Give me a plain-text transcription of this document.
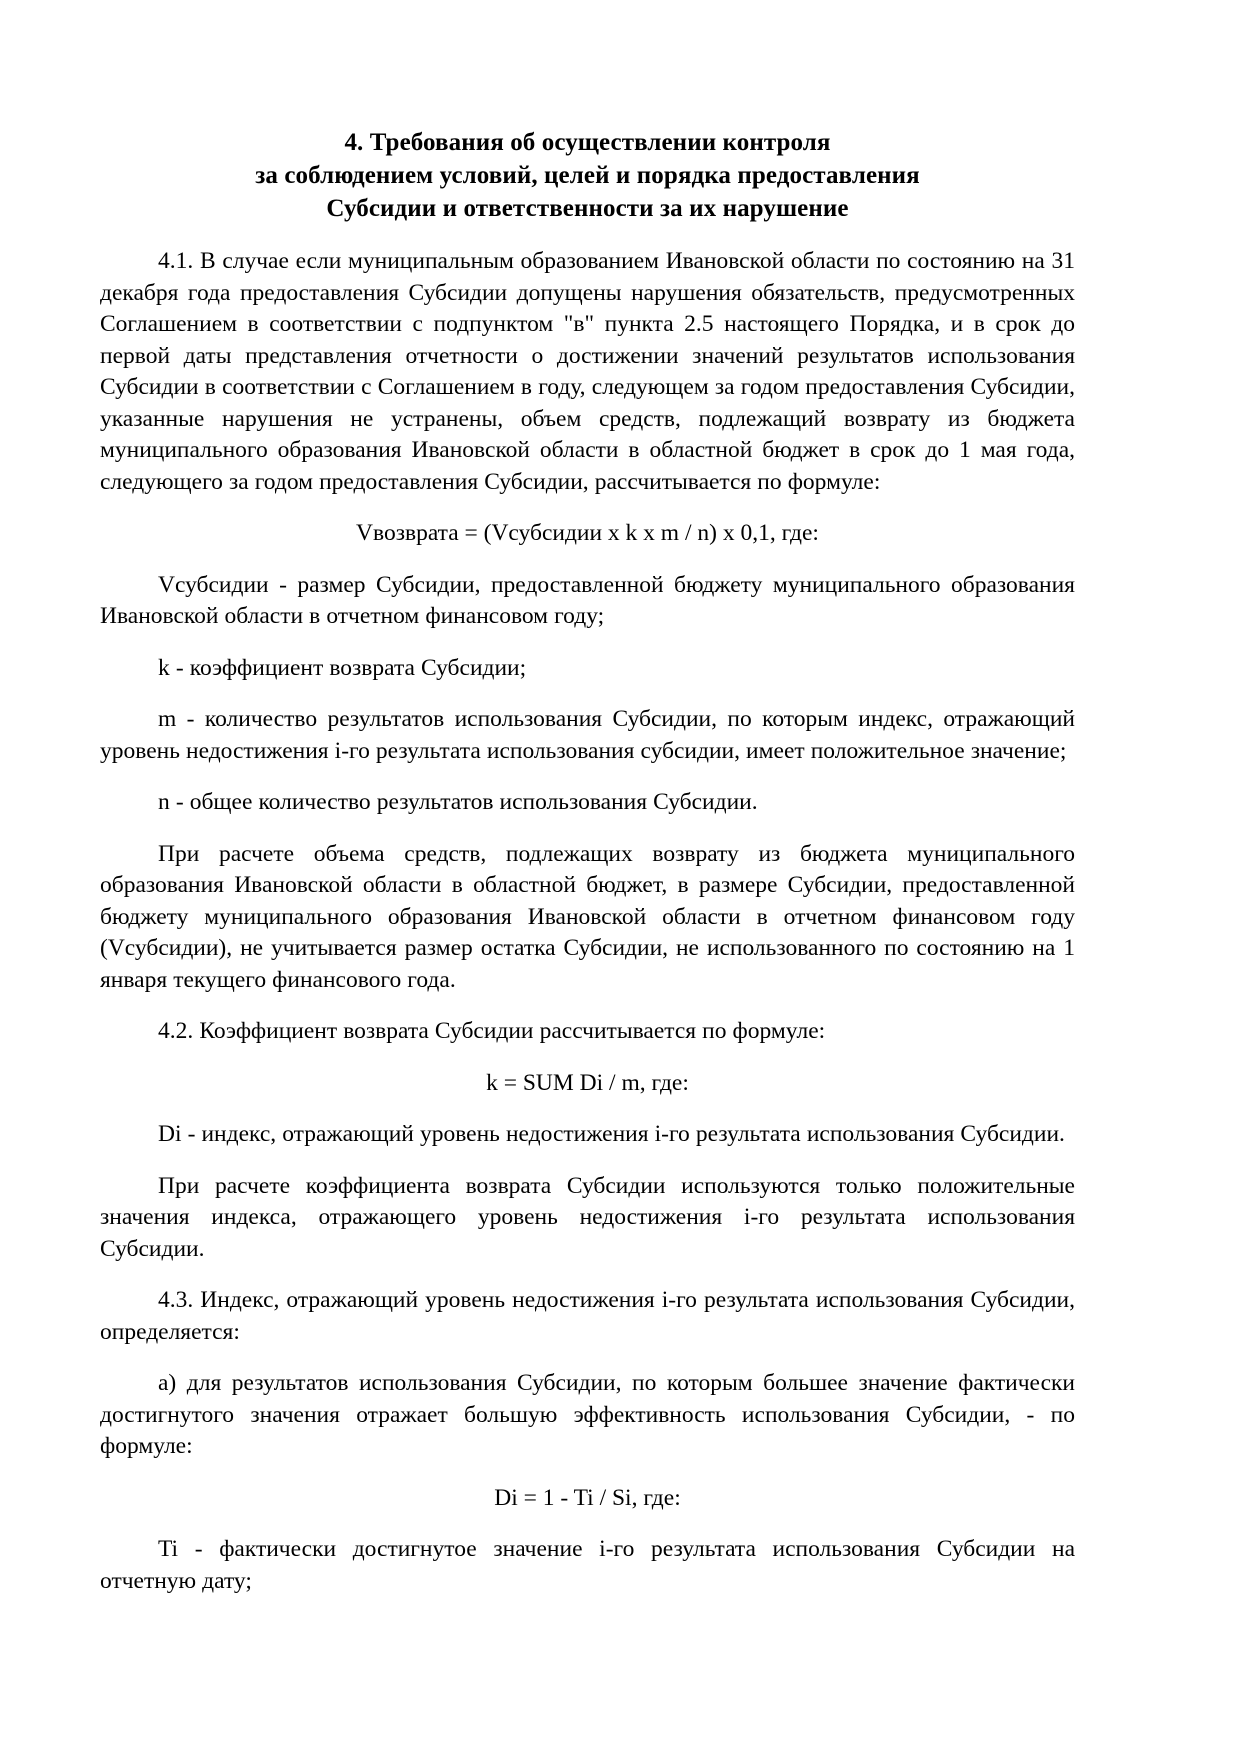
4. Требования об осуществлении контроля
за соблюдением условий, целей и порядка предоставления
Субсидии и ответственности за их нарушение

4.1. В случае если муниципальным образованием Ивановской области по состоянию на 31 декабря года предоставления Субсидии допущены нарушения обязательств, предусмотренных Соглашением в соответствии с подпунктом "в" пункта 2.5 настоящего Порядка, и в срок до первой даты представления отчетности о достижении значений результатов использования Субсидии в соответствии с Соглашением в году, следующем за годом предоставления Субсидии, указанные нарушения не устранены, объем средств, подлежащий возврату из бюджета муниципального образования Ивановской области в областной бюджет в срок до 1 мая года, следующего за годом предоставления Субсидии, рассчитывается по формуле:

Vвозврата = (Vсубсидии x k x m / n) x 0,1, где:

Vсубсидии - размер Субсидии, предоставленной бюджету муниципального образования Ивановской области в отчетном финансовом году;

k - коэффициент возврата Субсидии;

m - количество результатов использования Субсидии, по которым индекс, отражающий уровень недостижения i-го результата использования субсидии, имеет положительное значение;

n - общее количество результатов использования Субсидии.

При расчете объема средств, подлежащих возврату из бюджета муниципального образования Ивановской области в областной бюджет, в размере Субсидии, предоставленной бюджету муниципального образования Ивановской области в отчетном финансовом году (Vсубсидии), не учитывается размер остатка Субсидии, не использованного по состоянию на 1 января текущего финансового года.

4.2. Коэффициент возврата Субсидии рассчитывается по формуле:

k = SUM Di / m, где:

Di - индекс, отражающий уровень недостижения i-го результата использования Субсидии.

При расчете коэффициента возврата Субсидии используются только положительные значения индекса, отражающего уровень недостижения i-го результата использования Субсидии.

4.3. Индекс, отражающий уровень недостижения i-го результата использования Субсидии, определяется:

а) для результатов использования Субсидии, по которым большее значение фактически достигнутого значения отражает большую эффективность использования Субсидии, - по формуле:

Di = 1 - Ti / Si, где:

Ti - фактически достигнутое значение i-го результата использования Субсидии на отчетную дату;
